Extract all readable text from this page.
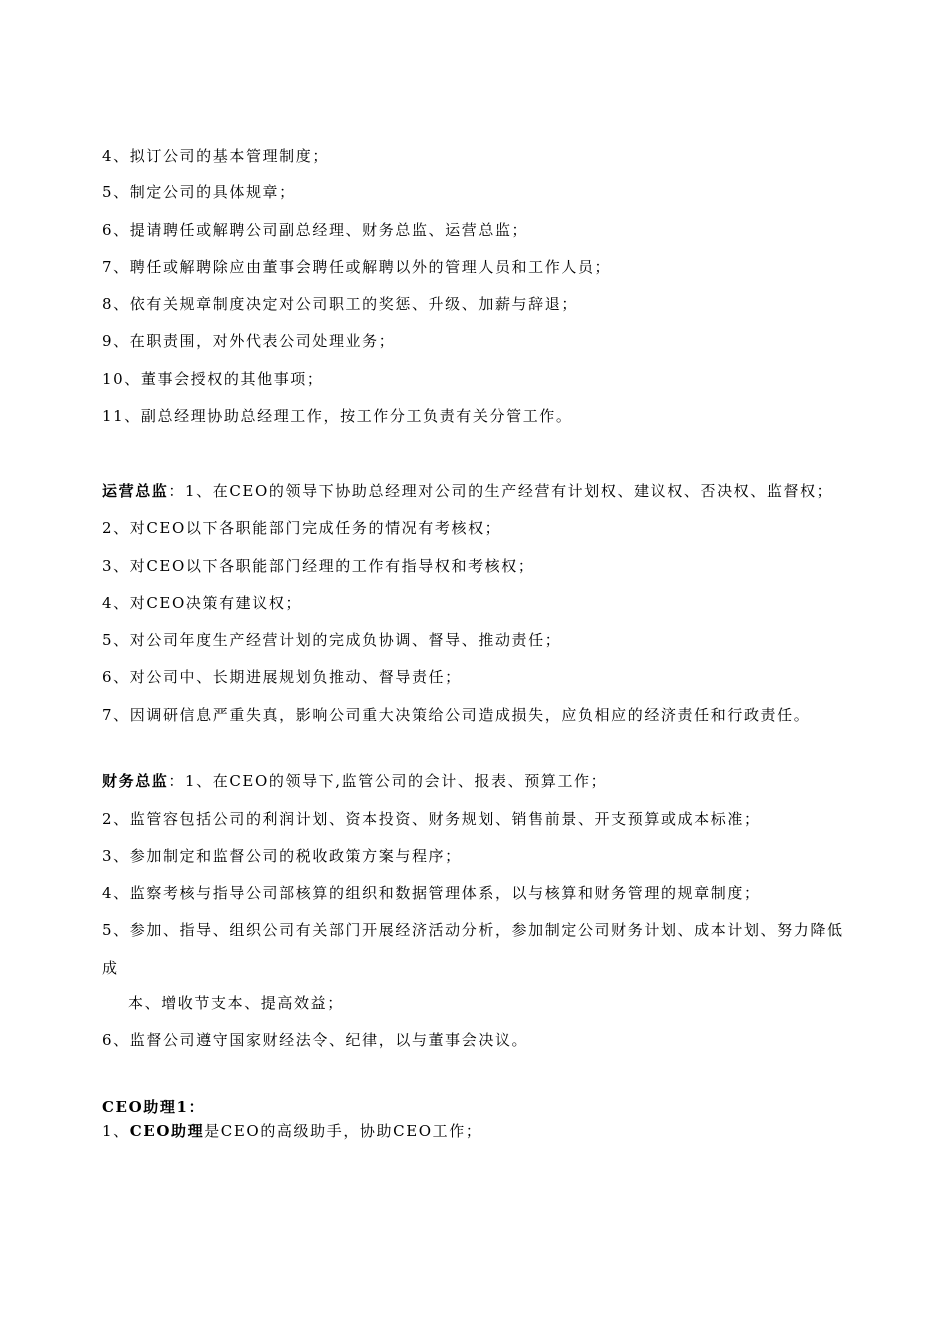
4、拟订公司的基本管理制度；
5、制定公司的具体规章；
6、提请聘任或解聘公司副总经理、财务总监、运营总监；
7、聘任或解聘除应由董事会聘任或解聘以外的管理人员和工作人员；
8、依有关规章制度决定对公司职工的奖惩、升级、加薪与辞退；
9、在职责围，对外代表公司处理业务；
10、董事会授权的其他事项；
11、副总经理协助总经理工作，按工作分工负责有关分管工作。
运营总监：1、在CEO的领导下协助总经理对公司的生产经营有计划权、建议权、否决权、监督权；
2、对CEO以下各职能部门完成任务的情况有考核权；
3、对CEO以下各职能部门经理的工作有指导权和考核权；
4、对CEO决策有建议权；
5、对公司年度生产经营计划的完成负协调、督导、推动责任；
6、对公司中、长期进展规划负推动、督导责任；
7、因调研信息严重失真，影响公司重大决策给公司造成损失，应负相应的经济责任和行政责任。
财务总监：1、在CEO的领导下,监管公司的会计、报表、预算工作；
2、监管容包括公司的利润计划、资本投资、财务规划、销售前景、开支预算或成本标准；
3、参加制定和监督公司的税收政策方案与程序；
4、监察考核与指导公司部核算的组织和数据管理体系，以与核算和财务管理的规章制度；
5、参加、指导、组织公司有关部门开展经济活动分析，参加制定公司财务计划、成本计划、努力降低
成
本、增收节支本、提高效益；
6、监督公司遵守国家财经法令、纪律，以与董事会决议。
CEO助理1：
1、CEO助理是CEO的高级助手，协助CEO工作；
